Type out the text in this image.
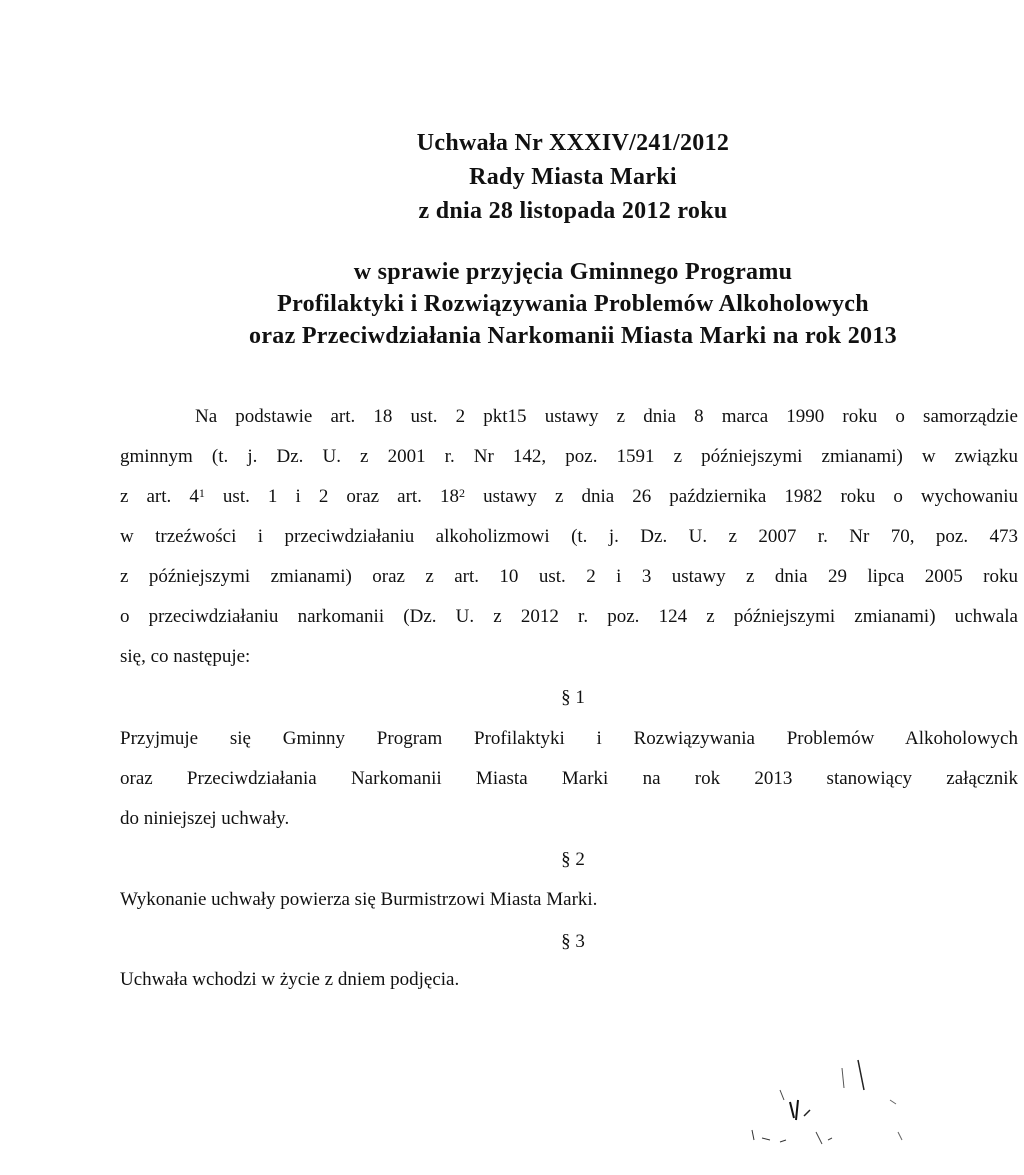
Uchwała Nr XXXIV/241/2012
Rady Miasta Marki
z dnia 28 listopada 2012 roku
w sprawie przyjęcia Gminnego Programu
Profilaktyki i Rozwiązywania Problemów Alkoholowych
oraz Przeciwdziałania Narkomanii Miasta Marki na rok 2013
Na podstawie art. 18 ust. 2 pkt15 ustawy z dnia 8 marca 1990 roku o samorządzie
gminnym (t. j. Dz. U. z 2001 r. Nr 142, poz. 1591 z późniejszymi zmianami) w związku
z art. $4^1$ ust. 1 i 2 oraz art. $18^2$ ustawy z dnia 26 października 1982 roku o wychowaniu
w trzeźwości i przeciwdziałaniu alkoholizmowi (t. j. Dz. U. z 2007 r. Nr 70, poz. 473
z późniejszymi zmianami) oraz z art. 10 ust. 2 i 3 ustawy z dnia 29 lipca 2005 roku
o przeciwdziałaniu narkomanii (Dz. U. z 2012 r. poz. 124 z późniejszymi zmianami) uchwala
się, co następuje:
§ 1
Przyjmuje się Gminny Program Profilaktyki i Rozwiązywania Problemów Alkoholowych
oraz Przeciwdziałania Narkomanii Miasta Marki na rok 2013 stanowiący załącznik
do niniejszej uchwały.
§ 2
Wykonanie uchwały powierza się Burmistrzowi Miasta Marki.
§ 3
Uchwała wchodzi w życie z dniem podjęcia.
